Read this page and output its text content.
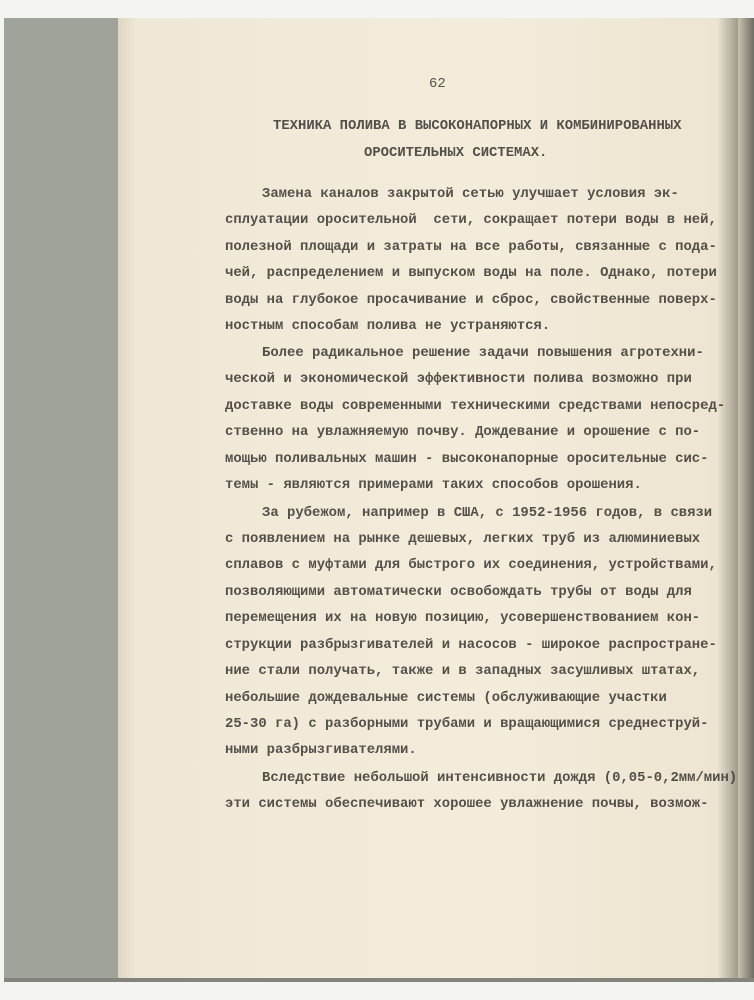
62
ТЕХНИКА ПОЛИВА В ВЫСОКОНАПОРНЫХ И КОМБИНИРОВАННЫХ
ОРОСИТЕЛЬНЫХ СИСТЕМАХ.
Замена каналов закрытой сетью улучшает условия эк-
сплуатации оросительной  сети, сокращает потери воды в ней,
полезной площади и затраты на все работы, связанные с пода-
чей, распределением и выпуском воды на поле. Однако, потери
воды на глубокое просачивание и сброс, свойственные поверх-
ностным способам полива не устраняются.
Более радикальное решение задачи повышения агротехни-
ческой и экономической эффективности полива возможно при
доставке воды современными техническими средствами непосред-
ственно на увлажняемую почву. Дождевание и орошение с по-
мощью поливальных машин - высоконапорные оросительные сис-
темы - являются примерами таких способов орошения.
За рубежом, например в США, с 1952-1956 годов, в связи
с появлением на рынке дешевых, легких труб из алюминиевых
сплавов с муфтами для быстрого их соединения, устройствами,
позволяющими автоматически освобождать трубы от воды для
перемещения их на новую позицию, усовершенствованием кон-
струкции разбрызгивателей и насосов - широкое распростране-
ние стали получать, также и в западных засушливых штатах,
небольшие дождевальные системы (обслуживающие участки
25-30 га) с разборными трубами и вращающимися среднеструй-
ными разбрызгивателями.
Вследствие небольшой интенсивности дождя (0,05-0,2мм/мин)
эти системы обеспечивают хорошее увлажнение почвы, возмож-
